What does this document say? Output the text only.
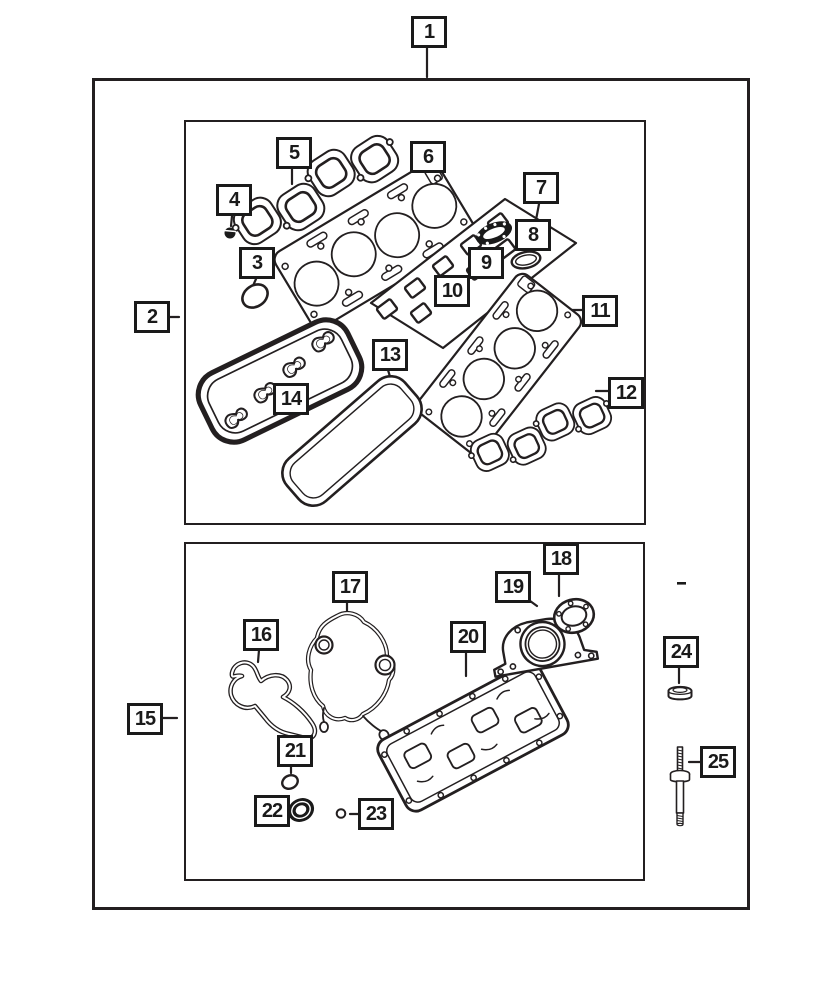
1
2
3
4
5	6
7
8
9
10
11
12
13
14
15
16
17
18
19
20
21
22	23
24
25
